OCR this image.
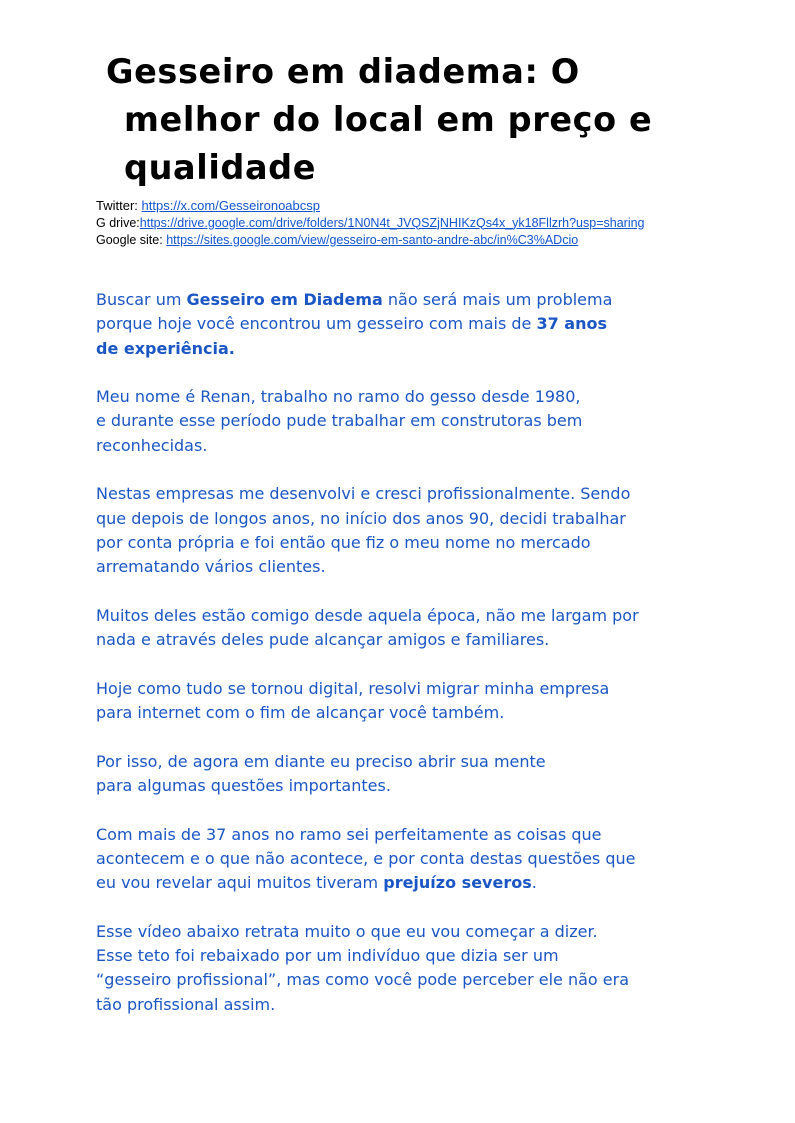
Gesseiro em diadema: O
melhor do local em preço e
qualidade
Twitter: https://x.com/Gesseironoabcsp
G drive:https://drive.google.com/drive/folders/1N0N4t_JVQSZjNHIKzQs4x_yk18Fllzrh?usp=sharing
Google site: https://sites.google.com/view/gesseiro-em-santo-andre-abc/in%C3%ADcio

Buscar um Gesseiro em Diadema não será mais um problema
porque hoje você encontrou um gesseiro com mais de 37 anos
de experiência.

Meu nome é Renan, trabalho no ramo do gesso desde 1980,
e durante esse período pude trabalhar em construtoras bem
reconhecidas.

Nestas empresas me desenvolvi e cresci profissionalmente. Sendo
que depois de longos anos, no início dos anos 90, decidi trabalhar
por conta própria e foi então que fiz o meu nome no mercado
arrematando vários clientes.

Muitos deles estão comigo desde aquela época, não me largam por
nada e através deles pude alcançar amigos e familiares.

Hoje como tudo se tornou digital, resolvi migrar minha empresa
para internet com o fim de alcançar você também.

Por isso, de agora em diante eu preciso abrir sua mente
para algumas questões importantes.

Com mais de 37 anos no ramo sei perfeitamente as coisas que
acontecem e o que não acontece, e por conta destas questões que
eu vou revelar aqui muitos tiveram prejuízo severos.

Esse vídeo abaixo retrata muito o que eu vou começar a dizer.
Esse teto foi rebaixado por um indivíduo que dizia ser um
“gesseiro profissional”, mas como você pode perceber ele não era
tão profissional assim.
